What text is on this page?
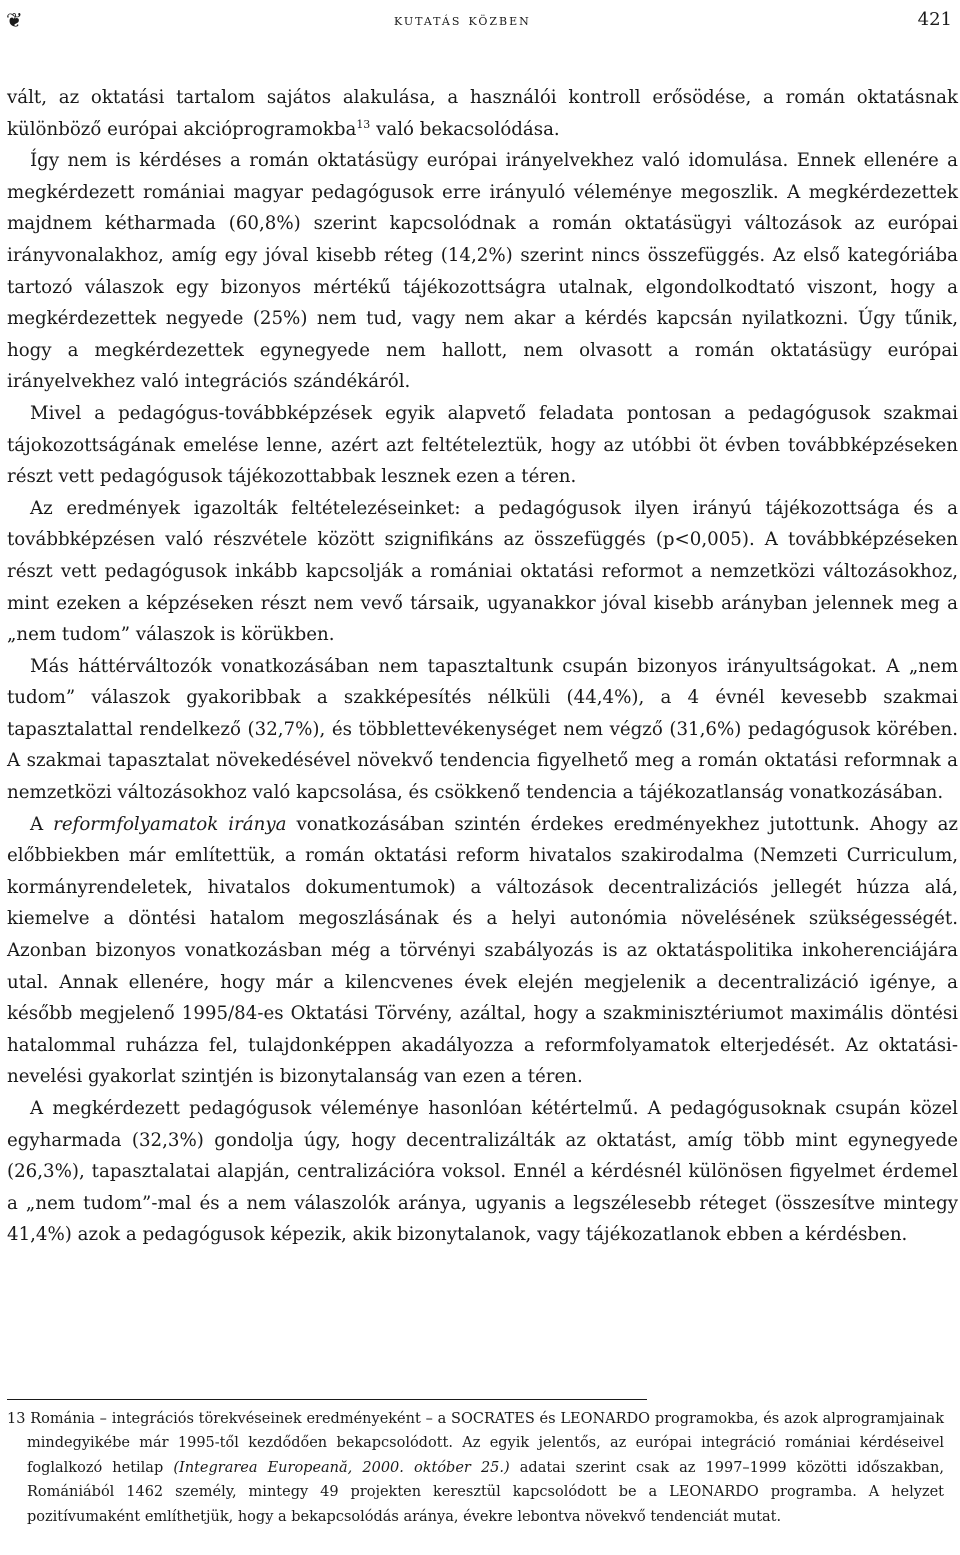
❦	kutatás közben	421

vált, az oktatási tartalom sajátos alakulása, a használói kontroll erősödése, a román oktatásnak különböző európai akcióprogramokba$^{13}$ való bekacsolódása.

Így nem is kérdéses a román oktatásügy európai irányelvekhez való idomulása. Ennek ellenére a megkérdezett romániai magyar pedagógusok erre irányuló véleménye megoszlik. A megkérdezettek majdnem kétharmada (60,8%) szerint kapcsolódnak a román oktatásügyi változások az európai irányvonalakhoz, amíg egy jóval kisebb réteg (14,2%) szerint nincs összefüggés. Az első kategóriába tartozó válaszok egy bizonyos mértékű tájékozottságra utalnak, elgondolkodtató viszont, hogy a megkérdezettek negyede (25%) nem tud, vagy nem akar a kérdés kapcsán nyilatkozni. Úgy tűnik, hogy a megkérdezettek egynegyede nem hallott, nem olvasott a román oktatásügy európai irányelvekhez való integrációs szándékáról.

Mivel a pedagógus-továbbképzések egyik alapvető feladata pontosan a pedagógusok szakmai tájokozottságának emelése lenne, azért azt feltételeztük, hogy az utóbbi öt évben továbbképzéseken részt vett pedagógusok tájékozottabbak lesznek ezen a téren.

Az eredmények igazolták feltételezéseinket: a pedagógusok ilyen irányú tájékozottsága és a továbbképzésen való részvétele között szignifikáns az összefüggés (p<0,005). A továbbképzéseken részt vett pedagógusok inkább kapcsolják a romániai oktatási reformot a nemzetközi változásokhoz, mint ezeken a képzéseken részt nem vevő társaik, ugyanakkor jóval kisebb arányban jelennek meg a „nem tudom” válaszok is körükben.

Más háttérváltozók vonatkozásában nem tapasztaltunk csupán bizonyos irányultságokat. A „nem tudom” válaszok gyakoribbak a szakképesítés nélküli (44,4%), a 4 évnél kevesebb szakmai tapasztalattal rendelkező (32,7%), és többlettevékenységet nem végző (31,6%) pedagógusok körében. A szakmai tapasztalat növekedésével növekvő tendencia figyelhető meg a román oktatási reformnak a nemzetközi változásokhoz való kapcsolása, és csökkenő tendencia a tájékozatlanság vonatkozásában.

A reformfolyamatok iránya vonatkozásában szintén érdekes eredményekhez jutottunk. Ahogy az előbbiekben már említettük, a román oktatási reform hivatalos szakirodalma (Nemzeti Curriculum, kormányrendeletek, hivatalos dokumentumok) a változások decentralizációs jellegét húzza alá, kiemelve a döntési hatalom megoszlásának és a helyi autonómia növelésének szükségességét. Azonban bizonyos vonatkozásban még a törvényi szabályozás is az oktatáspolitika inkoherenciájára utal. Annak ellenére, hogy már a kilencvenes évek elején megjelenik a decentralizáció igénye, a később megjelenő 1995/84-es Oktatási Törvény, azáltal, hogy a szakminisztériumot maximális döntési hatalommal ruházza fel, tulajdonképpen akadályozza a reformfolyamatok elterjedését. Az oktatási-nevelési gyakorlat szintjén is bizonytalanság van ezen a téren.

A megkérdezett pedagógusok véleménye hasonlóan kétértelmű. A pedagógusoknak csupán közel egyharmada (32,3%) gondolja úgy, hogy decentralizálták az oktatást, amíg több mint egynegyede (26,3%), tapasztalatai alapján, centralizációra voksol. Ennél a kérdésnél különösen figyelmet érdemel a „nem tudom”-mal és a nem válaszolók aránya, ugyanis a legszélesebb réteget (összesítve mintegy 41,4%) azok a pedagógusok képezik, akik bizonytalanok, vagy tájékozatlanok ebben a kérdésben.

13 Románia – integrációs törekvéseinek eredményeként – a SOCRATES és LEONARDO programokba, és azok alprogramjainak mindegyikébe már 1995-től kezdődően bekapcsolódott. Az egyik jelentős, az európai integráció romániai kérdéseivel foglalkozó hetilap (Integrarea Europeană, 2000. október 25.) adatai szerint csak az 1997–1999 közötti időszakban, Romániából 1462 személy, mintegy 49 projekten keresztül kapcsolódott be a LEONARDO programba. A helyzet pozitívumaként említhetjük, hogy a bekapcsolódás aránya, évekre lebontva növekvő tendenciát mutat.
